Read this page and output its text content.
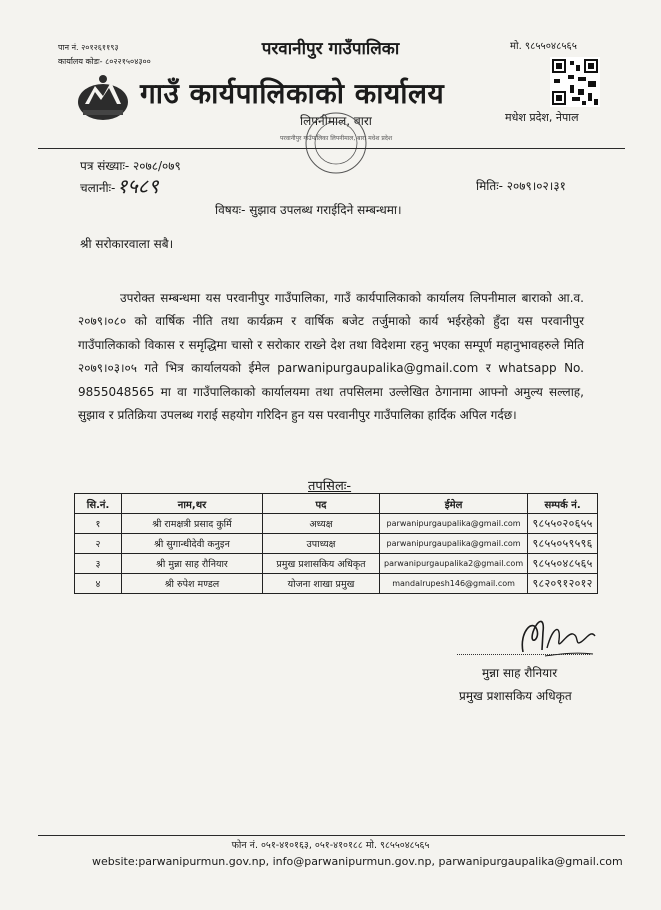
पान नं. २०१२६११९३
कार्यालय कोडः- ८०२२१५०४३००
परवानीपुर गाउँपालिका
गाउँ कार्यपालिकाको कार्यालय
लिपनीमाल, बारा
मो. ९८५५०४८५६५
मधेश प्रदेश, नेपाल
परवानीपुर गाउँपालिका लिपनीमाल, बारा मधेश प्रदेश
पत्र संख्याः- २०७८/०७९
चलानीः- १५८९	मितिः- २०७९।०२।३१
विषयः- सुझाव उपलब्ध गराईदिने सम्बन्धमा।
श्री सरोकारवाला सबै।
उपरोक्त सम्बन्धमा यस परवानीपुर गाउँपालिका, गाउँ कार्यपालिकाको कार्यालय लिपनीमाल बाराको आ.व. २०७९।०८० को वार्षिक नीति तथा कार्यक्रम र वार्षिक बजेट तर्जुमाको कार्य भईरहेको हुँदा यस परवानीपुर गाउँपालिकाको विकास र समृद्धिमा चासो र सरोकार राख्ने देश तथा विदेशमा रहनु भएका सम्पूर्ण महानुभावहरुले मिति २०७९।०३।०५ गते भित्र कार्यालयको ईमेल parwanipurgaupalika@gmail.com र whatsapp No. 9855048565 मा वा गाउँपालिकाको कार्यालयमा तथा तपसिलमा उल्लेखित ठेगानामा आफ्नो अमुल्य सल्लाह, सुझाव र प्रतिक्रिया उपलब्ध गराई सहयोग गरिदिन हुन यस परवानीपुर गाउँपालिका हार्दिक अपिल गर्दछ।
तपसिलः-
सि.नं.	नाम,थर	पद	ईमेल	सम्पर्क नं.
१	श्री रामक्षत्री प्रसाद कुर्मि	अध्यक्ष	parwanipurgaupalika@gmail.com	९८५५०२०६५५
२	श्री सुगान्धीदेवी कनुइन	उपाध्यक्ष	parwanipurgaupalika@gmail.com	९८५५०५९५९६
३	श्री मुन्ना साह रौनियार	प्रमुख प्रशासकिय अधिकृत	parwanipurgaupalika2@gmail.com	९८५५०४८५६५
४	श्री रुपेश मण्डल	योजना शाखा प्रमुख	mandalrupesh146@gmail.com	९८२०९१२०१२
मुन्ना साह रौनियार
प्रमुख प्रशासकिय अधिकृत
फोन नं. ०५१-४१०१६३, ०५१-४१०१८८ मो. ९८५५०४८५६५
website:parwanipurmun.gov.np, info@parwanipurmun.gov.np, parwanipurgaupalika@gmail.com
